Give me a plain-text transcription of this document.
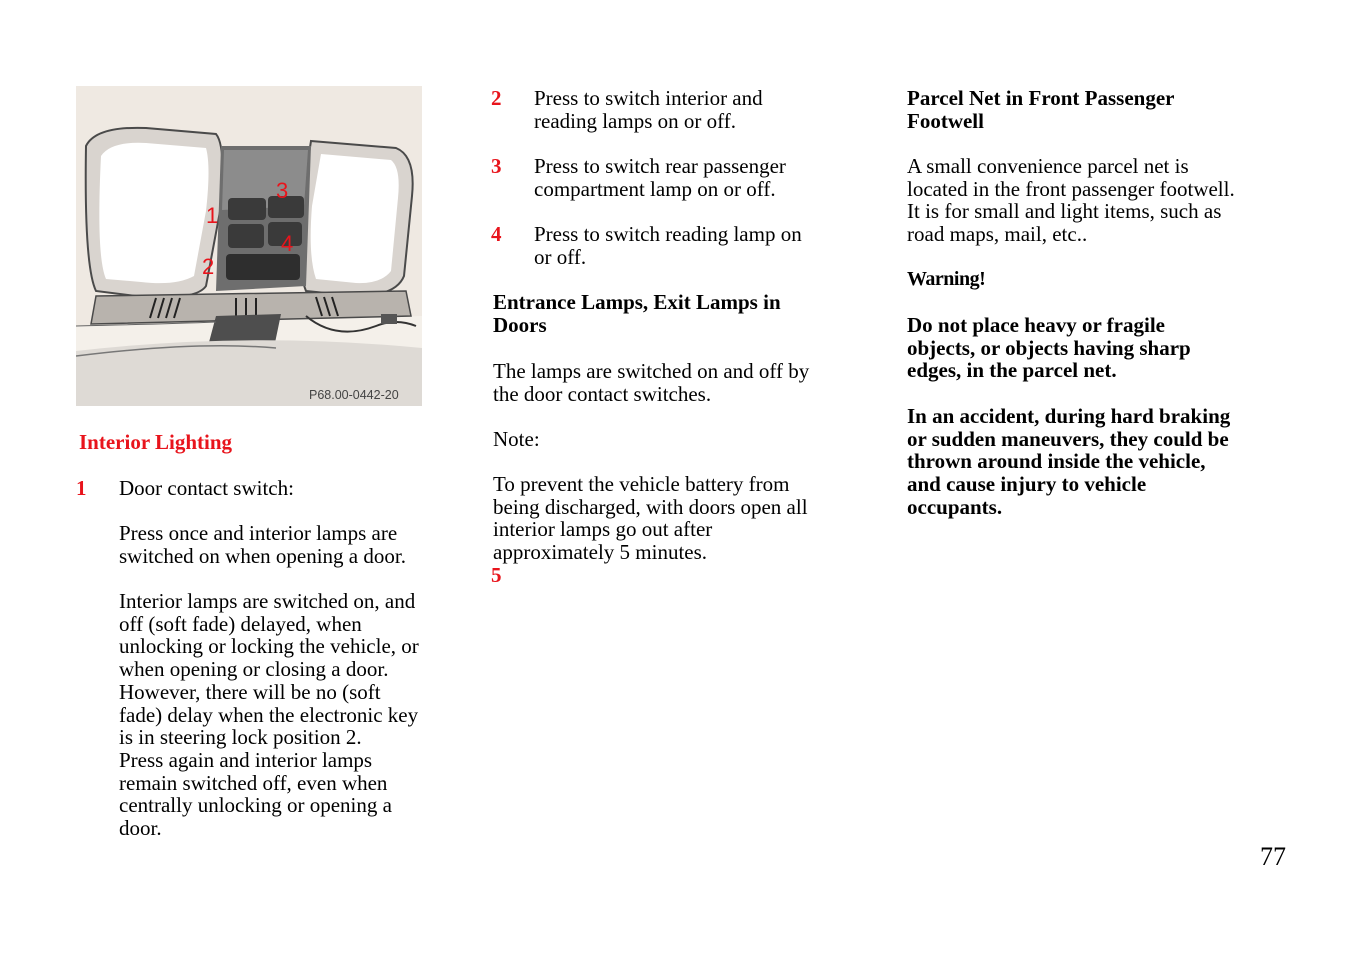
1
2
3
4
P68.00-0442-20
Interior Lighting
1 Door contact switch:
Press once and interior lamps are
switched on when opening a door.
Interior lamps are switched on, and
off (soft fade) delayed, when
unlocking or locking the vehicle, or
when opening or closing a door.
However, there will be no (soft
fade) delay when the electronic key
is in steering lock position 2.
Press again and interior lamps
remain switched off, even when
centrally unlocking or opening a
door.
2 Press to switch interior and
reading lamps on or off.
3 Press to switch rear passenger
compartment lamp on or off.
4 Press to switch reading lamp on
or off.
Entrance Lamps, Exit Lamps in
Doors
The lamps are switched on and off by
the door contact switches.
Note:
To prevent the vehicle battery from
being discharged, with doors open all
interior lamps go out after
approximately 5 minutes.
5
Parcel Net in Front Passenger
Footwell
A small convenience parcel net is
located in the front passenger footwell.
It is for small and light items, such as
road maps, mail, etc..
Warning!
Do not place heavy or fragile
objects, or objects having sharp
edges, in the parcel net.
In an accident, during hard braking
or sudden maneuvers, they could be
thrown around inside the vehicle,
and cause injury to vehicle
occupants.
77
